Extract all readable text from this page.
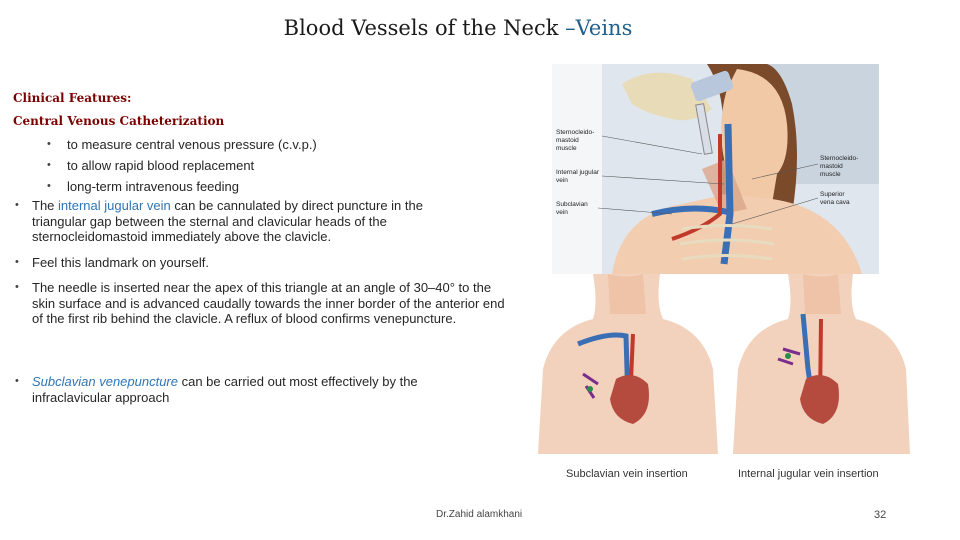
Blood Vessels of the Neck –Veins
Clinical Features:
Central Venous Catheterization
• to measure central venous pressure (c.v.p.)
• to allow rapid blood replacement
• long-term intravenous feeding

• The internal jugular vein can be cannulated by direct puncture in the triangular gap between the sternal and clavicular heads of the sternocleidomastoid immediately above the clavicle.

• Feel this landmark on yourself.

• The needle is inserted near the apex of this triangle at an angle of 30–40° to the skin surface and is advanced caudally towards the inner border of the anterior end of the first rib behind the clavicle. A reflux of blood confirms venepuncture.

• Subclavian venepuncture can be carried out most effectively by the infraclavicular approach

Sternocleido-
mastoid
muscle
Internal jugular
vein
Subclavian
vein
Sternocleido-
mastoid
muscle
Superior
vena cava
Subclavian vein insertion	Internal jugular vein insertion
Dr.Zahid alamkhani	32
